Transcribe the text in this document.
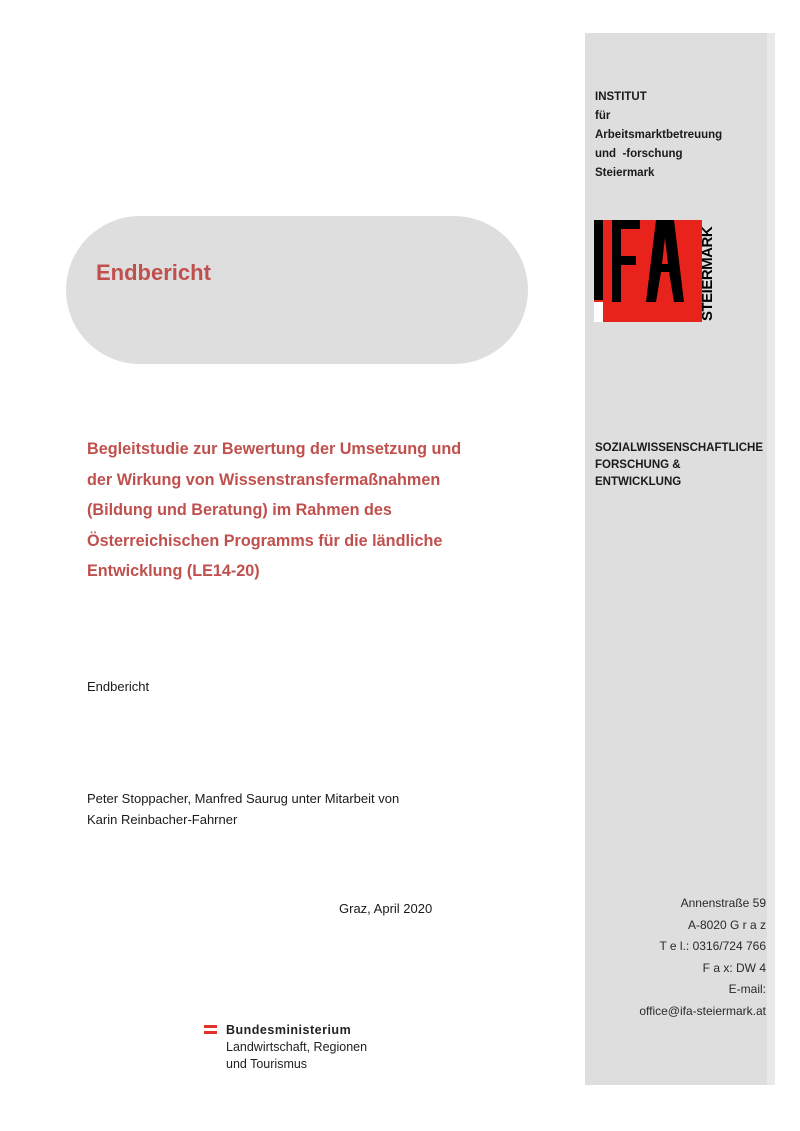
INSTITUT
für
Arbeitsmarktbetreuung
und  -forschung
Steiermark
STEIERMARK
SOZIALWISSENSCHAFTLICHE
FORSCHUNG &
ENTWICKLUNG
Endbericht
Begleitstudie zur Bewertung der Umsetzung und
der Wirkung von Wissenstransfermaßnahmen
(Bildung und Beratung) im Rahmen des
Österreichischen Programms für die ländliche
Entwicklung (LE14-20)
Endbericht
Peter Stoppacher, Manfred Saurug unter Mitarbeit von
Karin Reinbacher-Fahrner
Graz, April 2020	Annenstraße 59
A-8020 G r a z
T e l.: 0316/724 766
F a x: DW 4
E-mail:
office@ifa-steiermark.at
Bundesministerium
Landwirtschaft, Regionen
und Tourismus
